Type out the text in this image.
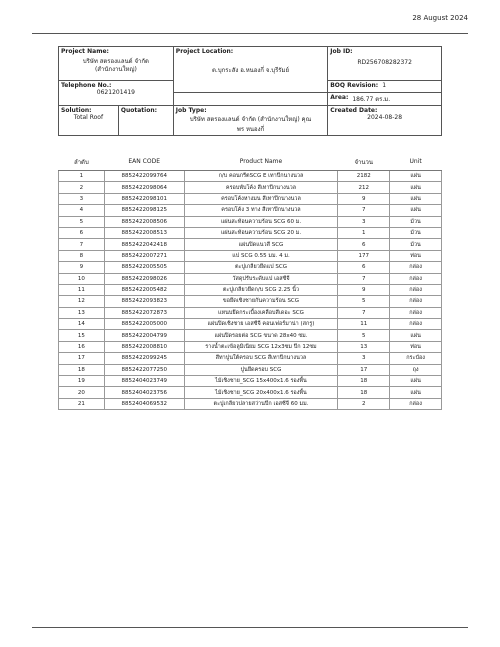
28 August 2024
Project Name:
บริษัท สตรองแลนด์ จำกัด
(สำนักงานใหญ่)		Project Location:
ต.บุกระสัง อ.หนองกี่ จ.บุรีรัมย์	Job ID:
RD256708282372

Telephone No.:
0621201419			BOQ Revision: 1

			Area: 186.77 ตร.ม.

Solution:
Total Roof	Quotation:	Job Type:
บริษัท สตรองแลนด์ จำกัด (สำนักงานใหญ่) คุณ
พร หนองกี่	Created Date:
2024-08-28
ลำดับ	EAN CODE	Product Name	จำนวน	Unit
1	8852422099764	ก/บ คอนกรีตSCG E เทาปีกนางนวล	2182	แผ่น
2	8852422098064	ครอบพับโค้ง สีเทาปีกนางนวล	212	แผ่น
3	8852422098101	ครอบโค้งหางมน สีเทาปีกนางนวล	9	แผ่น
4	8852422098125	ครอบโค้ง 3 ทาง สีเทาปีกนางนวล	7	แผ่น
5	8852422008506	แผ่นสะท้อนความร้อน SCG 60 ม.	3	ม้วน
6	8852422008513	แผ่นสะท้อนความร้อน SCG 20 ม.	1	ม้วน
7	8852422042418	แผ่นปิดแนวสี SCG	6	ม้วน
8	8852422007271	แป SCG 0.55 มม. 4 ม.	177	ท่อน
9	8852422005505	ตะปูเกลียวยึดแป SCG	6	กล่อง
10	8852422098026	วัสดุปรับระดับแป เอสซีจี	7	กล่อง
11	8852422005482	ตะปูเกลียวยึดก/บ SCG 2.25 นิ้ว	9	กล่อง
12	8852422093823	ขอยึดเชิงชายกันความร้อน SCG	5	กล่อง
13	8852422072873	แหนบยึดกระเบื้องเคลือบสีเดอะ SCG	7	กล่อง
14	8852422005000	แผ่นปิดเชิงชาย เอสซีจี คอนเฟอร์มาน่า (สกรู)	11	กล่อง
15	8852422004799	แผ่นปิดรอยต่อ SCG ขนาด 28x40 ซม.	5	แผ่น
16	8852422008810	รางน้ำตะเข้อลูมิเนียม SCG 12x3ซม ปีก 12ซม	13	ท่อน
17	8852422099245	สีทาปูนใต้ครอบ SCG สีเทาปีกนางนวล	3	กระป๋อง
18	8852422077250	ปูนยึดครอบ SCG	17	ถุง
19	8852404023749	ไม้เชิงชาย_SCG 15x400x1.6 รองพื้น	18	แผ่น
20	8852404023756	ไม้เชิงชาย_SCG 20x400x1.6 รองพื้น	18	แผ่น
21	8852404069532	ตะปูเกลียวปลายสว่านปีก เอสซีจี 60 มม.	2	กล่อง
